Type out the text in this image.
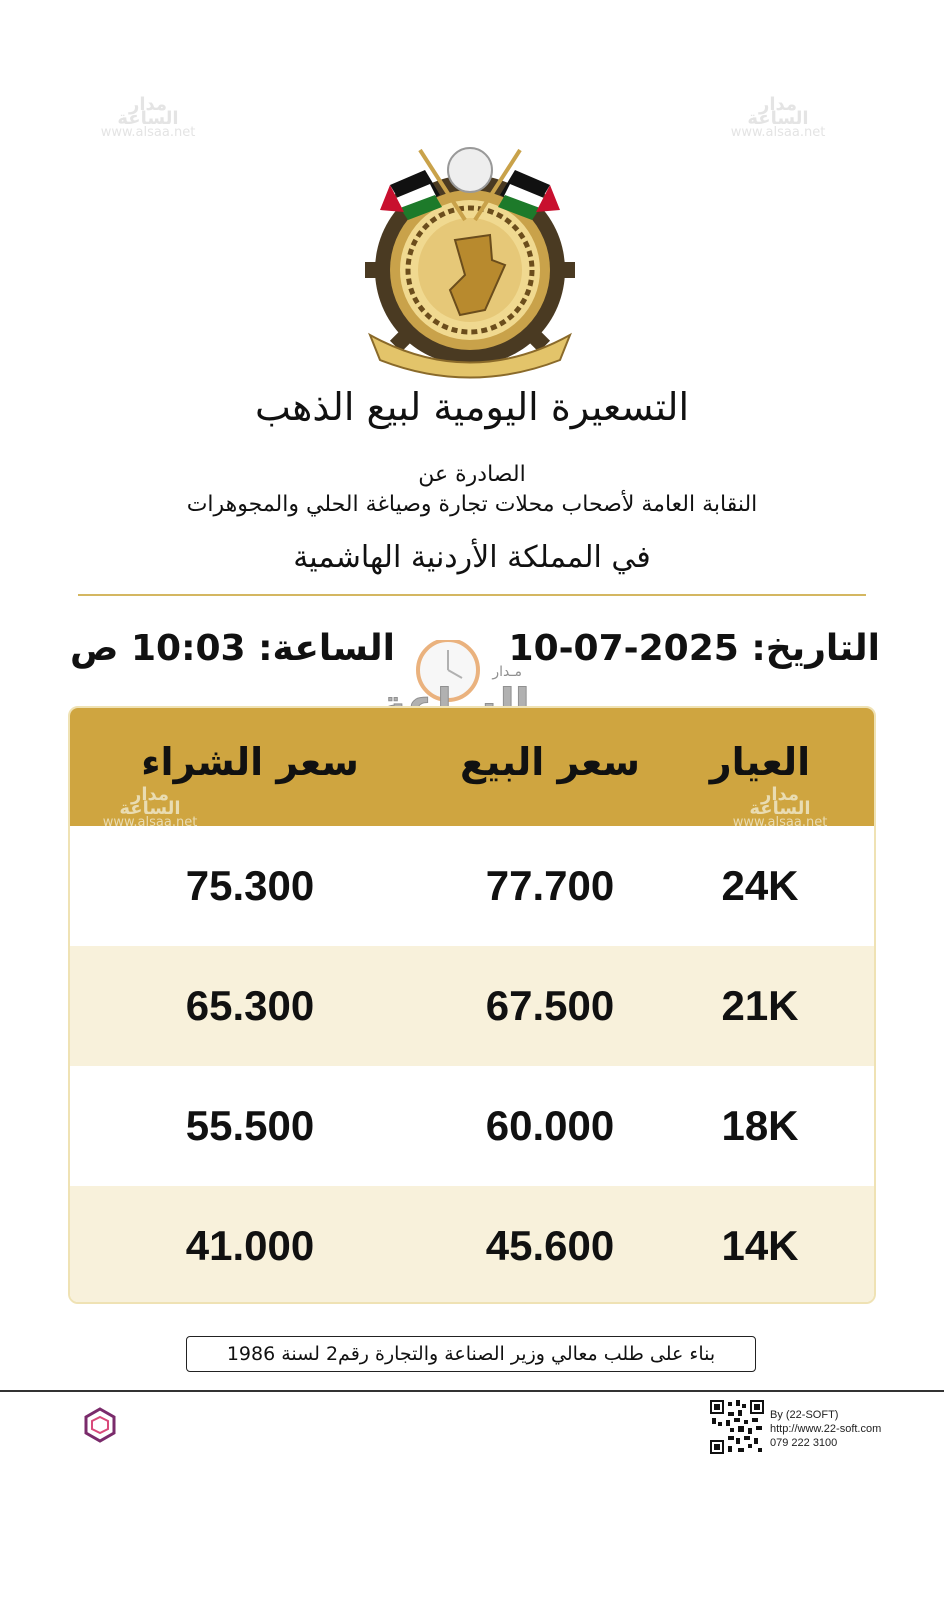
مدار الساعة
www.alsaa.net
مدار الساعة
www.alsaa.net
التسعيرة اليومية لبيع الذهب
الصادرة عن
النقابة العامة لأصحاب محلات تجارة وصياغة الحلي والمجوهرات
في المملكة الأردنية الهاشمية
التاريخ: 10-07-2025
الساعة: 10:03 ص
مـدار
العيار
سعر البيع
سعر الشراء
24K
77.700
75.300
21K
67.500
65.300
18K
60.000
55.500
14K
45.600
41.000
مدار الساعة
www.alsaa.net
مدار الساعة
www.alsaa.net
بناء على طلب معالي وزير الصناعة والتجارة رقم2 لسنة 1986
By (22-SOFT)
http://www.22-soft.com
079 222 3100
